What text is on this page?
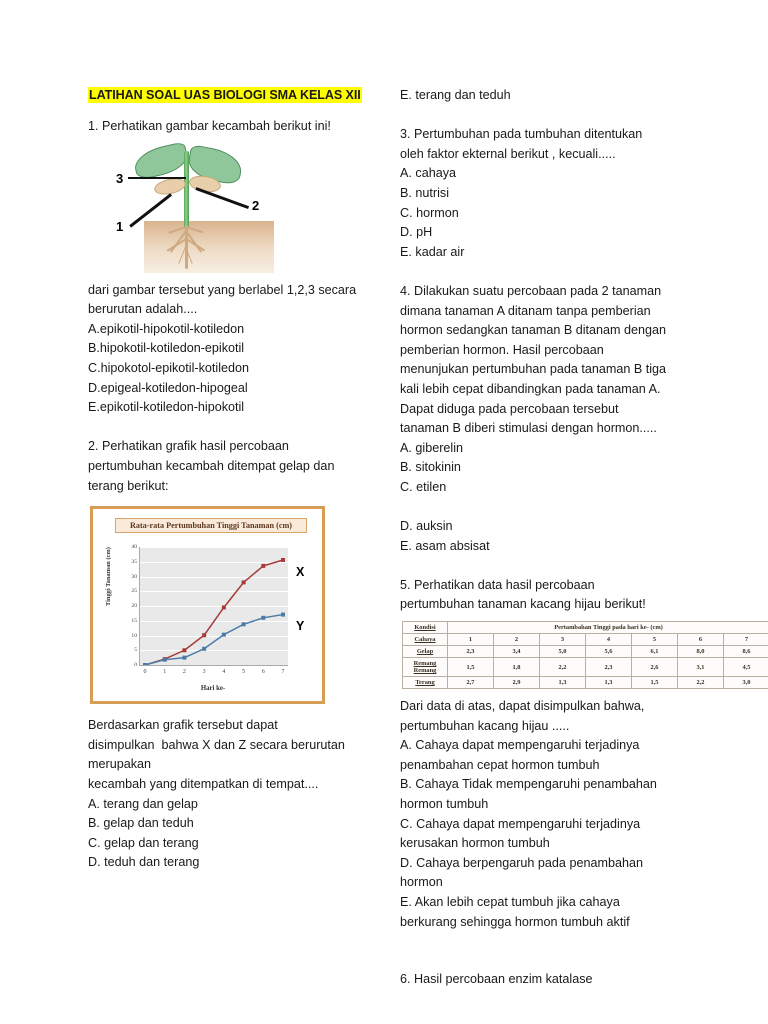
LATIHAN SOAL UAS BIOLOGI SMA KELAS XII
1. Perhatikan gambar kecambah berikut ini!
3
2
1
dari gambar tersebut yang berlabel 1,2,3 secara
berurutan adalah....
A.epikotil-hipokotil-kotiledon
B.hipokotil-kotiledon-epikotil
C.hipokotol-epikotil-kotiledon
D.epigeal-kotiledon-hipogeal
E.epikotil-kotiledon-hipokotil
2. Perhatikan grafik hasil percobaan
pertumbuhan kecambah ditempat gelap dan
terang berikut:
Rata-rata Pertumbuhan Tinggi Tanaman (cm)
Tinggi Tanaman (cm)
0
5
10
15
20
25
30
35
40
0	1	2	3	4	5	6	7
Hari ke-
X
Y
Berdasarkan grafik tersebut dapat
disimpulkan  bahwa X dan Z secara berurutan
merupakan
kecambah yang ditempatkan di tempat....
A. terang dan gelap
B. gelap dan teduh
C. gelap dan terang
D. teduh dan terang
E. terang dan teduh
3. Pertumbuhan pada tumbuhan ditentukan
oleh faktor ekternal berikut , kecuali.....
A. cahaya
B. nutrisi
C. hormon
D. pH
E. kadar air
4. Dilakukan suatu percobaan pada 2 tanaman
dimana tanaman A ditanam tanpa pemberian
hormon sedangkan tanaman B ditanam dengan
pemberian hormon. Hasil percobaan
menunjukan pertumbuhan pada tanaman B tiga
kali lebih cepat dibandingkan pada tanaman A.
Dapat diduga pada percobaan tersebut
tanaman B diberi stimulasi dengan hormon.....
A. giberelin
B. sitokinin
C. etilen
D. auksin
E. asam absisat
5. Perhatikan data hasil percobaan
pertumbuhan tanaman kacang hijau berikut!
Kondisi	Pertambahan Tinggi pada hari ke- (cm)						
Cahaya	1	2	3	4	5	6	7
Gelap	2,3	3,4	5,0	5,6	6,1	8,0	8,6
Remang Remang	1,5	1,8	2,2	2,3	2,6	3,1	4,5
Terang	2,7	2,9	1,3	1,3	1,5	2,2	3,0
Dari data di atas, dapat disimpulkan bahwa,
pertumbuhan kacang hijau .....
A. Cahaya dapat mempengaruhi terjadinya
penambahan cepat hormon tumbuh
B. Cahaya Tidak mempengaruhi penambahan
hormon tumbuh
C. Cahaya dapat mempengaruhi terjadinya
kerusakan hormon tumbuh
D. Cahaya berpengaruh pada penambahan
hormon
E. Akan lebih cepat tumbuh jika cahaya
berkurang sehingga hormon tumbuh aktif
6. Hasil percobaan enzim katalase
